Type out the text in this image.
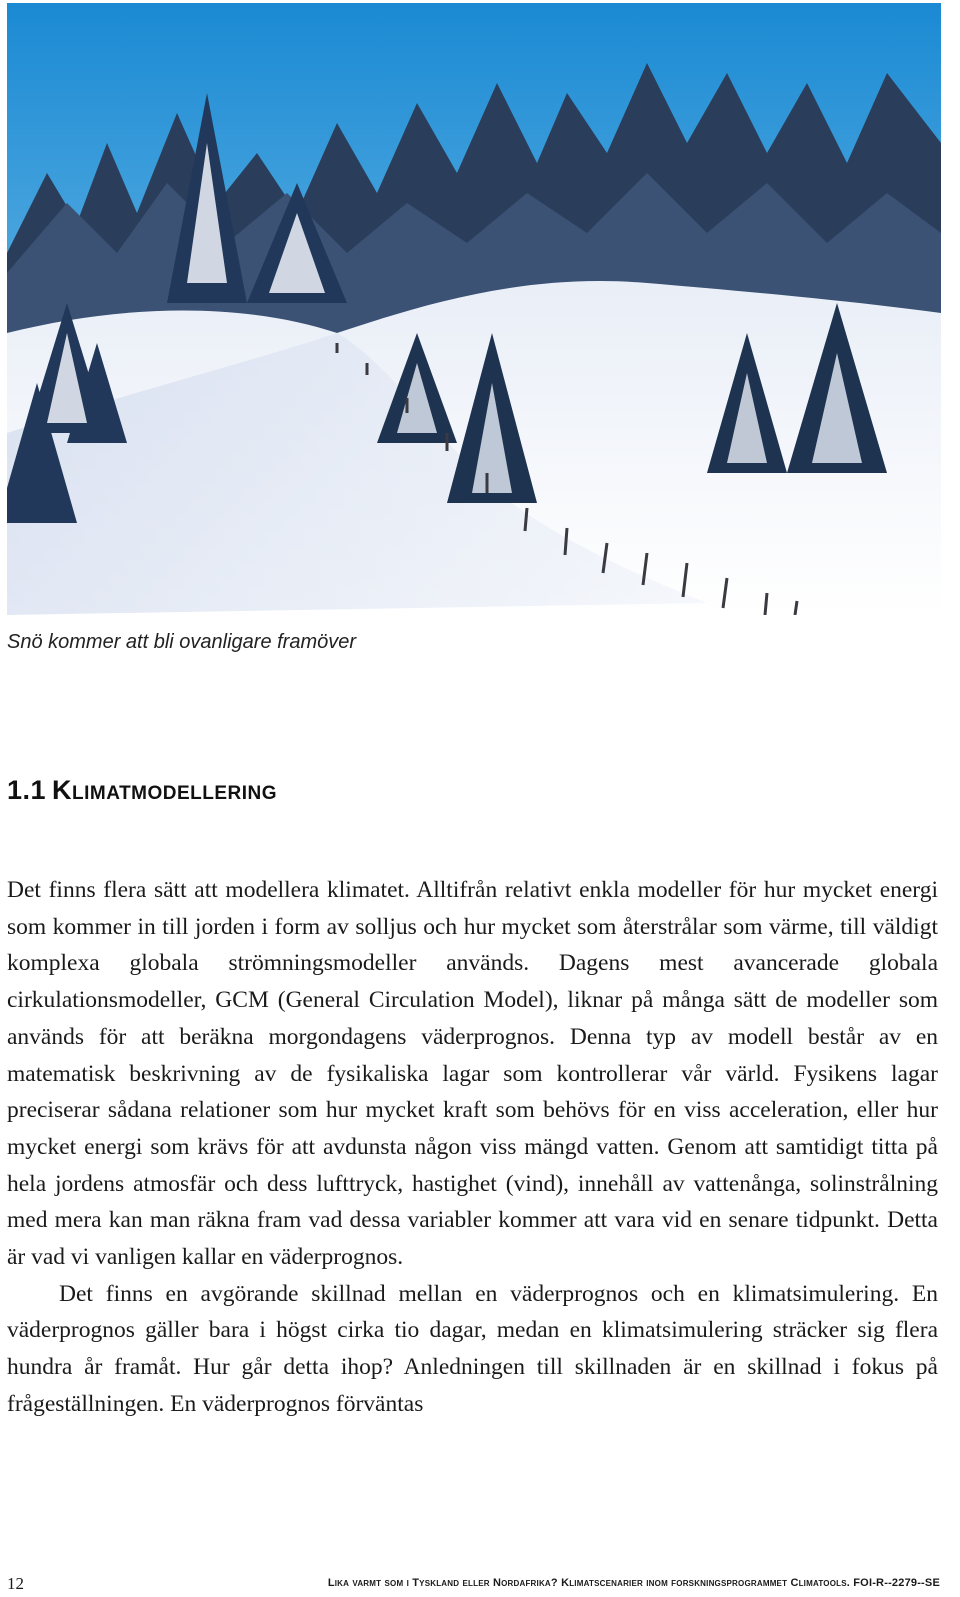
Snö kommer att bli ovanligare framöver
1.1 Klimatmodellering

Det finns flera sätt att modellera klimatet. Alltifrån relativt enkla modeller för hur mycket energi som kommer in till jorden i form av solljus och hur mycket som återstrålar som värme, till väldigt komplexa globala strömningsmodeller används. Dagens mest avancerade globala cirkulationsmodeller, GCM (General Circulation Model), liknar på många sätt de modeller som används för att beräkna morgondagens väderprognos. Denna typ av modell består av en matematisk beskrivning av de fysikaliska lagar som kontrollerar vår värld. Fysikens lagar preciserar sådana relationer som hur mycket kraft som behövs för en viss acceleration, eller hur mycket energi som krävs för att avdunsta någon viss mängd vatten. Genom att samtidigt titta på hela jordens atmosfär och dess lufttryck, hastighet (vind), innehåll av vattenånga, solinstrålning med mera kan man räkna fram vad dessa variabler kommer att vara vid en senare tidpunkt. Detta är vad vi vanligen kallar en väderprognos.

Det finns en avgörande skillnad mellan en väderprognos och en klimatsimulering. En väderprognos gäller bara i högst cirka tio dagar, medan en klimatsimulering sträcker sig flera hundra år framåt. Hur går detta ihop? Anledningen till skillnaden är en skillnad i fokus på frågeställningen. En väderprognos förväntas

12	Lika varmt som i Tyskland eller Nordafrika? Klimatscenarier inom forskningsprogrammet Climatools. FOI-R--2279--SE
